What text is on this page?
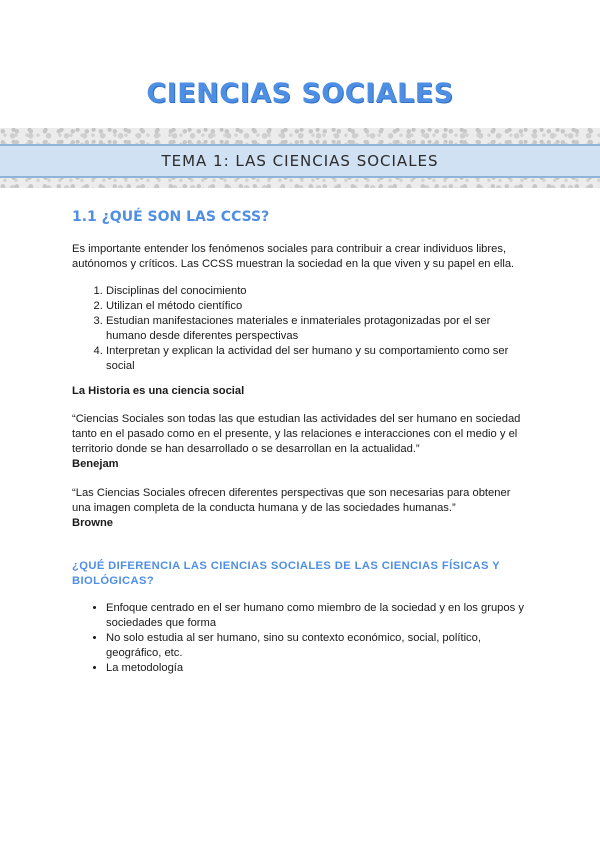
CIENCIAS SOCIALES
TEMA 1: LAS CIENCIAS SOCIALES
1.1 ¿QUÉ SON LAS CCSS?

Es importante entender los fenómenos sociales para contribuir a crear individuos libres, autónomos y críticos. Las CCSS muestran la sociedad en la que viven y su papel en ella.

1. Disciplinas del conocimiento
2. Utilizan el método científico
3. Estudian manifestaciones materiales e inmateriales protagonizadas por el ser humano desde diferentes perspectivas
4. Interpretan y explican la actividad del ser humano y su comportamiento como ser social

La Historia es una ciencia social

“Ciencias Sociales son todas las que estudian las actividades del ser humano en sociedad tanto en el pasado como en el presente, y las relaciones e interacciones con el medio y el territorio donde se han desarrollado o se desarrollan en la actualidad.”

Benejam

“Las Ciencias Sociales ofrecen diferentes perspectivas que son necesarias para obtener una imagen completa de la conducta humana y de las sociedades humanas.”

Browne

¿QUÉ DIFERENCIA LAS CIENCIAS SOCIALES DE LAS CIENCIAS FÍSICAS Y BIOLÓGICAS?
• Enfoque centrado en el ser humano como miembro de la sociedad y en los grupos y sociedades que forma
• No solo estudia al ser humano, sino su contexto económico, social, político, geográfico, etc.
• La metodología
